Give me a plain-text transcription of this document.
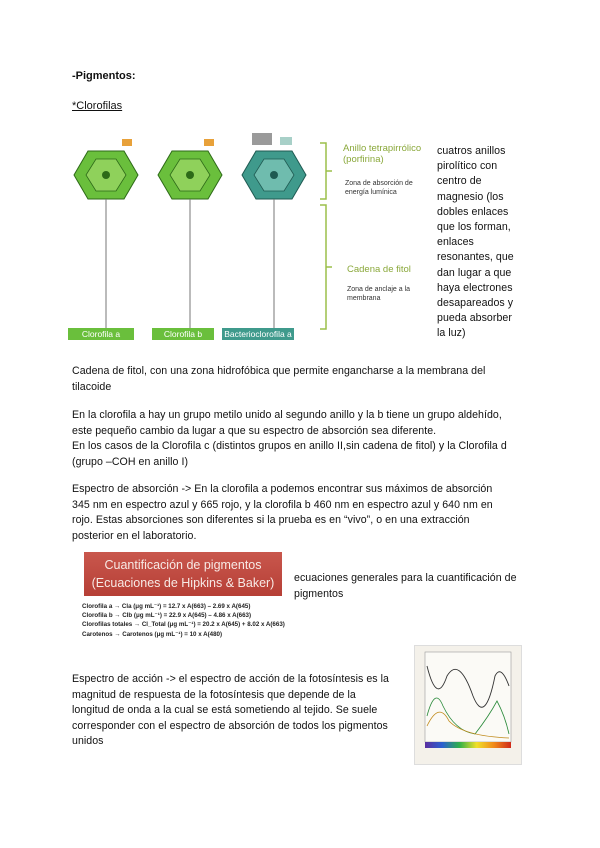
-Pigmentos:
*Clorofilas
Clorofila a	Clorofila b	Bacterioclorofila a
Anillo tetrapirrólico (porfirina)
Zona de absorción de energía lumínica
Cadena de fitol
Zona de anclaje a la membrana
cuatros anillos
pirolítico con
centro de
magnesio (los
dobles enlaces
que los forman,
enlaces
resonantes, que
dan lugar a que
haya electrones
desapareados y
pueda absorber
la luz)
Cadena de fitol, con una zona hidrofóbica que permite engancharse a la membrana del
tilacoide
En la clorofila a hay un grupo metilo unido al segundo anillo y la b tiene un grupo aldehído,
este pequeño cambio da lugar a que su espectro de absorción sea diferente.
En los casos de la Clorofila c (distintos grupos en anillo II,sin cadena de fitol) y la Clorofila d
(grupo –COH en anillo I)
Espectro de absorción -> En la clorofila a podemos encontrar sus máximos de absorción
345 nm en espectro azul y 665 rojo, y la clorofila b 460 nm en espectro azul y 640 nm en
rojo. Estas absorciones son diferentes si la prueba es en “vivo”, o en una extracción
posterior en el laboratorio.
Cuantificación de pigmentos
(Ecuaciones de Hipkins & Baker)
Clorofila a → Cla (μg mL⁻¹) = 12.7 x A(663) – 2.69 x A(645)
Clorofila b → Clb (μg mL⁻¹) = 22.9 x A(645) – 4.86 x A(663)
Clorofilas totales → Cl_Total (μg mL⁻¹) = 20.2 x A(645) + 8.02 x A(663)
Carotenos → Carotenos (μg mL⁻¹) = 10 x A(480)
ecuaciones generales para la cuantificación de
pigmentos
Espectro de acción -> el espectro de acción de la fotosíntesis es la
magnitud de respuesta de la fotosíntesis que depende de la
longitud de onda a la cual se está sometiendo al tejido. Se suele
corresponder con el espectro de absorción de todos los pigmentos
unidos
